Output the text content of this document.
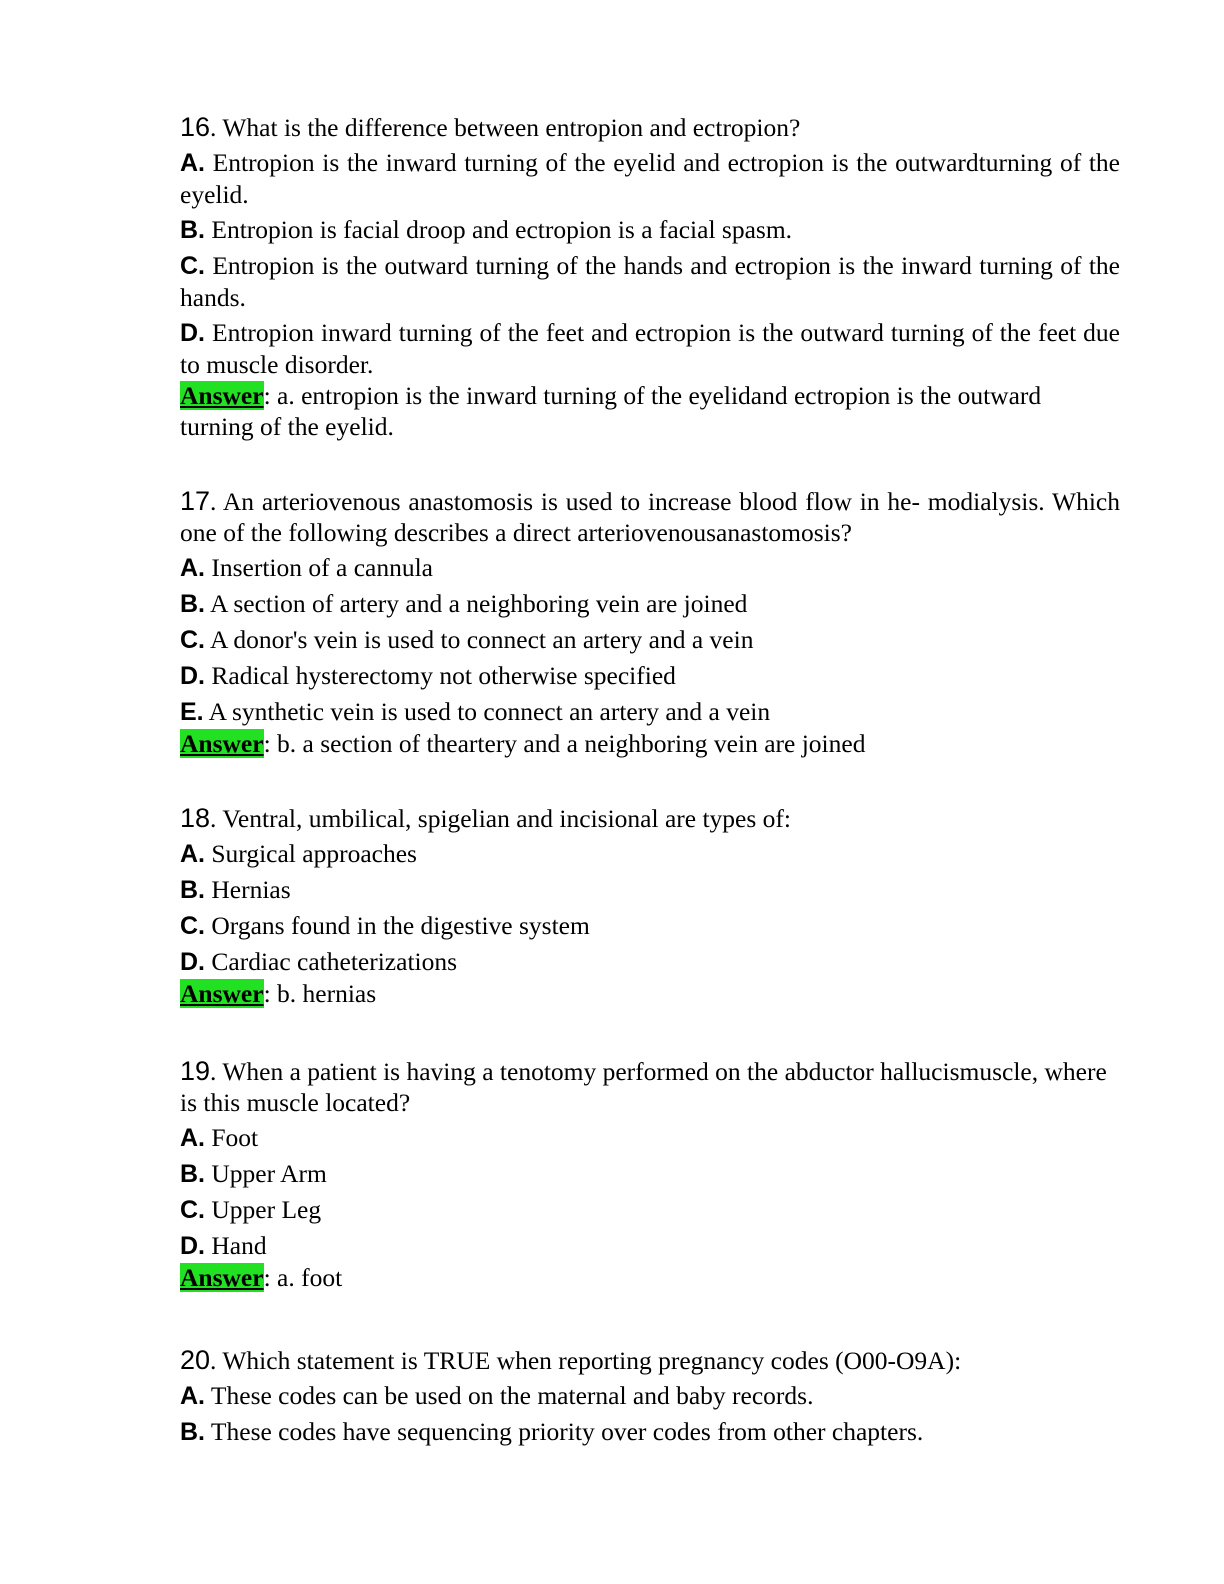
16. What is the difference between entropion and ectropion?

A. Entropion is the inward turning of the eyelid and ectropion is the outwardturning of the eyelid.

B. Entropion is facial droop and ectropion is a facial spasm.

C. Entropion is the outward turning of the hands and ectropion is the inward turning of the hands.

D. Entropion inward turning of the feet and ectropion is the outward turning of the feet due to muscle disorder.

Answer: a. entropion is the inward turning of the eyelidand ectropion is the outward turning of the eyelid.

17. An arteriovenous anastomosis is used to increase blood flow in he- modialysis. Which one of the following describes a direct arteriovenousanastomosis?

A. Insertion of a cannula

B. A section of artery and a neighboring vein are joined

C. A donor's vein is used to connect an artery and a vein

D. Radical hysterectomy not otherwise specified

E. A synthetic vein is used to connect an artery and a vein

Answer: b. a section of theartery and a neighboring vein are joined

18. Ventral, umbilical, spigelian and incisional are types of:

A. Surgical approaches

B. Hernias

C. Organs found in the digestive system

D. Cardiac catheterizations

Answer: b. hernias

19. When a patient is having a tenotomy performed on the abductor hallucismuscle, where is this muscle located?

A. Foot

B. Upper Arm

C. Upper Leg

D. Hand

Answer: a. foot

20. Which statement is TRUE when reporting pregnancy codes (O00-O9A):

A. These codes can be used on the maternal and baby records.

B. These codes have sequencing priority over codes from other chapters.
